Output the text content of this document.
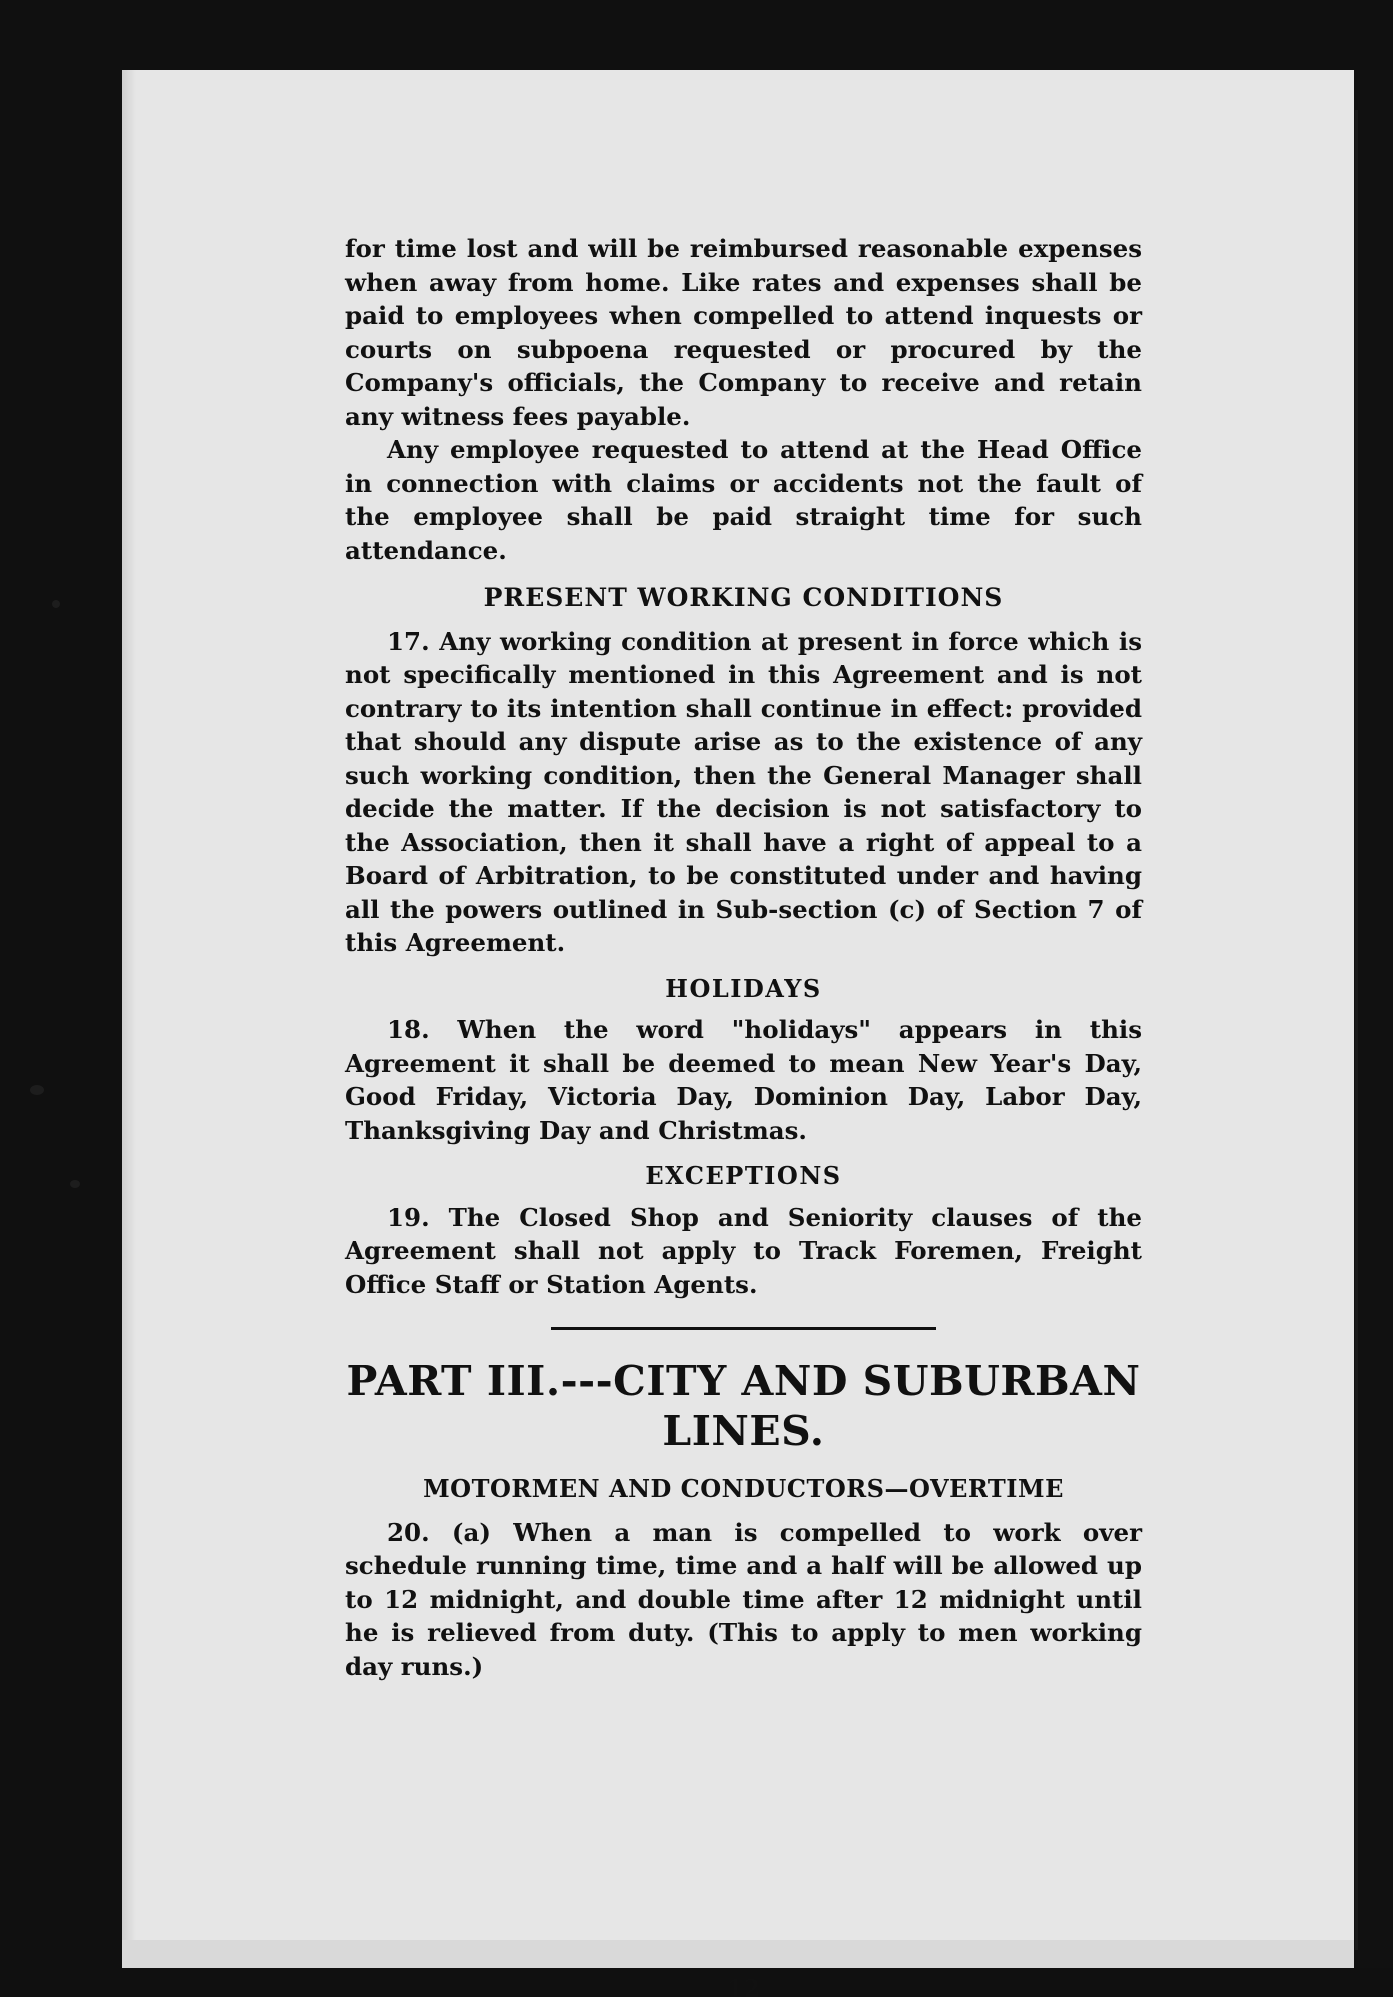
for time lost and will be reimbursed reasonable expenses when away from home. Like rates and expenses shall be paid to employees when compelled to attend inquests or courts on subpoena requested or procured by the Company's officials, the Company to receive and retain any witness fees payable.

Any employee requested to attend at the Head Office in connection with claims or accidents not the fault of the employee shall be paid straight time for such attendance.

PRESENT WORKING CONDITIONS

17. Any working condition at present in force which is not specifically mentioned in this Agreement and is not contrary to its intention shall continue in effect: provided that should any dispute arise as to the existence of any such working condition, then the General Manager shall decide the matter. If the decision is not satisfactory to the Association, then it shall have a right of appeal to a Board of Arbitration, to be constituted under and having all the powers outlined in Sub-section (c) of Section 7 of this Agreement.

HOLIDAYS

18. When the word "holidays" appears in this Agreement it shall be deemed to mean New Year's Day, Good Friday, Victoria Day, Dominion Day, Labor Day, Thanksgiving Day and Christmas.

EXCEPTIONS

19. The Closed Shop and Seniority clauses of the Agreement shall not apply to Track Foremen, Freight Office Staff or Station Agents.

PART III.---CITY AND SUBURBAN
LINES.
MOTORMEN AND CONDUCTORS—OVERTIME

20. (a) When a man is compelled to work over schedule running time, time and a half will be allowed up to 12 midnight, and double time after 12 midnight until he is relieved from duty. (This to apply to men working day runs.)

12
